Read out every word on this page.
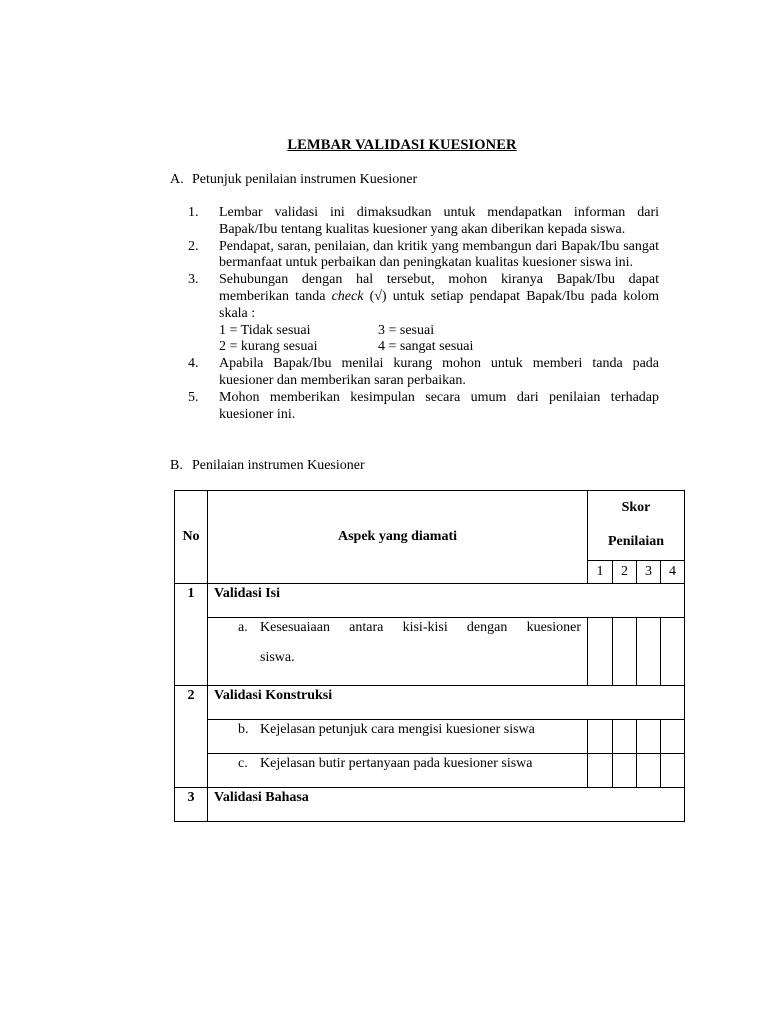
LEMBAR VALIDASI KUESIONER
A. Petunjuk penilaian instrumen Kuesioner
1. Lembar validasi ini dimaksudkan untuk mendapatkan informan dari Bapak/Ibu tentang kualitas kuesioner yang akan diberikan kepada siswa.
2. Pendapat, saran, penilaian, dan kritik yang membangun dari Bapak/Ibu sangat bermanfaat untuk perbaikan dan peningkatan kualitas kuesioner siswa ini.
3. Sehubungan dengan hal tersebut, mohon kiranya Bapak/Ibu dapat memberikan tanda check (√) untuk setiap pendapat Bapak/Ibu pada kolom skala :
1 = Tidak sesuai	3 = sesuai
2 = kurang sesuai	4 = sangat sesuai
4. Apabila Bapak/Ibu menilai kurang mohon untuk memberi tanda pada kuesioner dan memberikan saran perbaikan.
5. Mohon memberikan kesimpulan secara umum dari penilaian terhadap kuesioner ini.
B. Penilaian instrumen Kuesioner
No	Aspek yang diamati	Skor			
		Penilaian			
		1	2	3	4
1	Validasi Isi				

	a. Kesesuaiaan antara kisi-kisi dengan kuesioner
siswa.				

2	Validasi Konstruksi				

	b. Kejelasan petunjuk cara mengisi kuesioner siswa				

	c. Kejelasan butir pertanyaan pada kuesioner siswa				

3	Validasi Bahasa				
